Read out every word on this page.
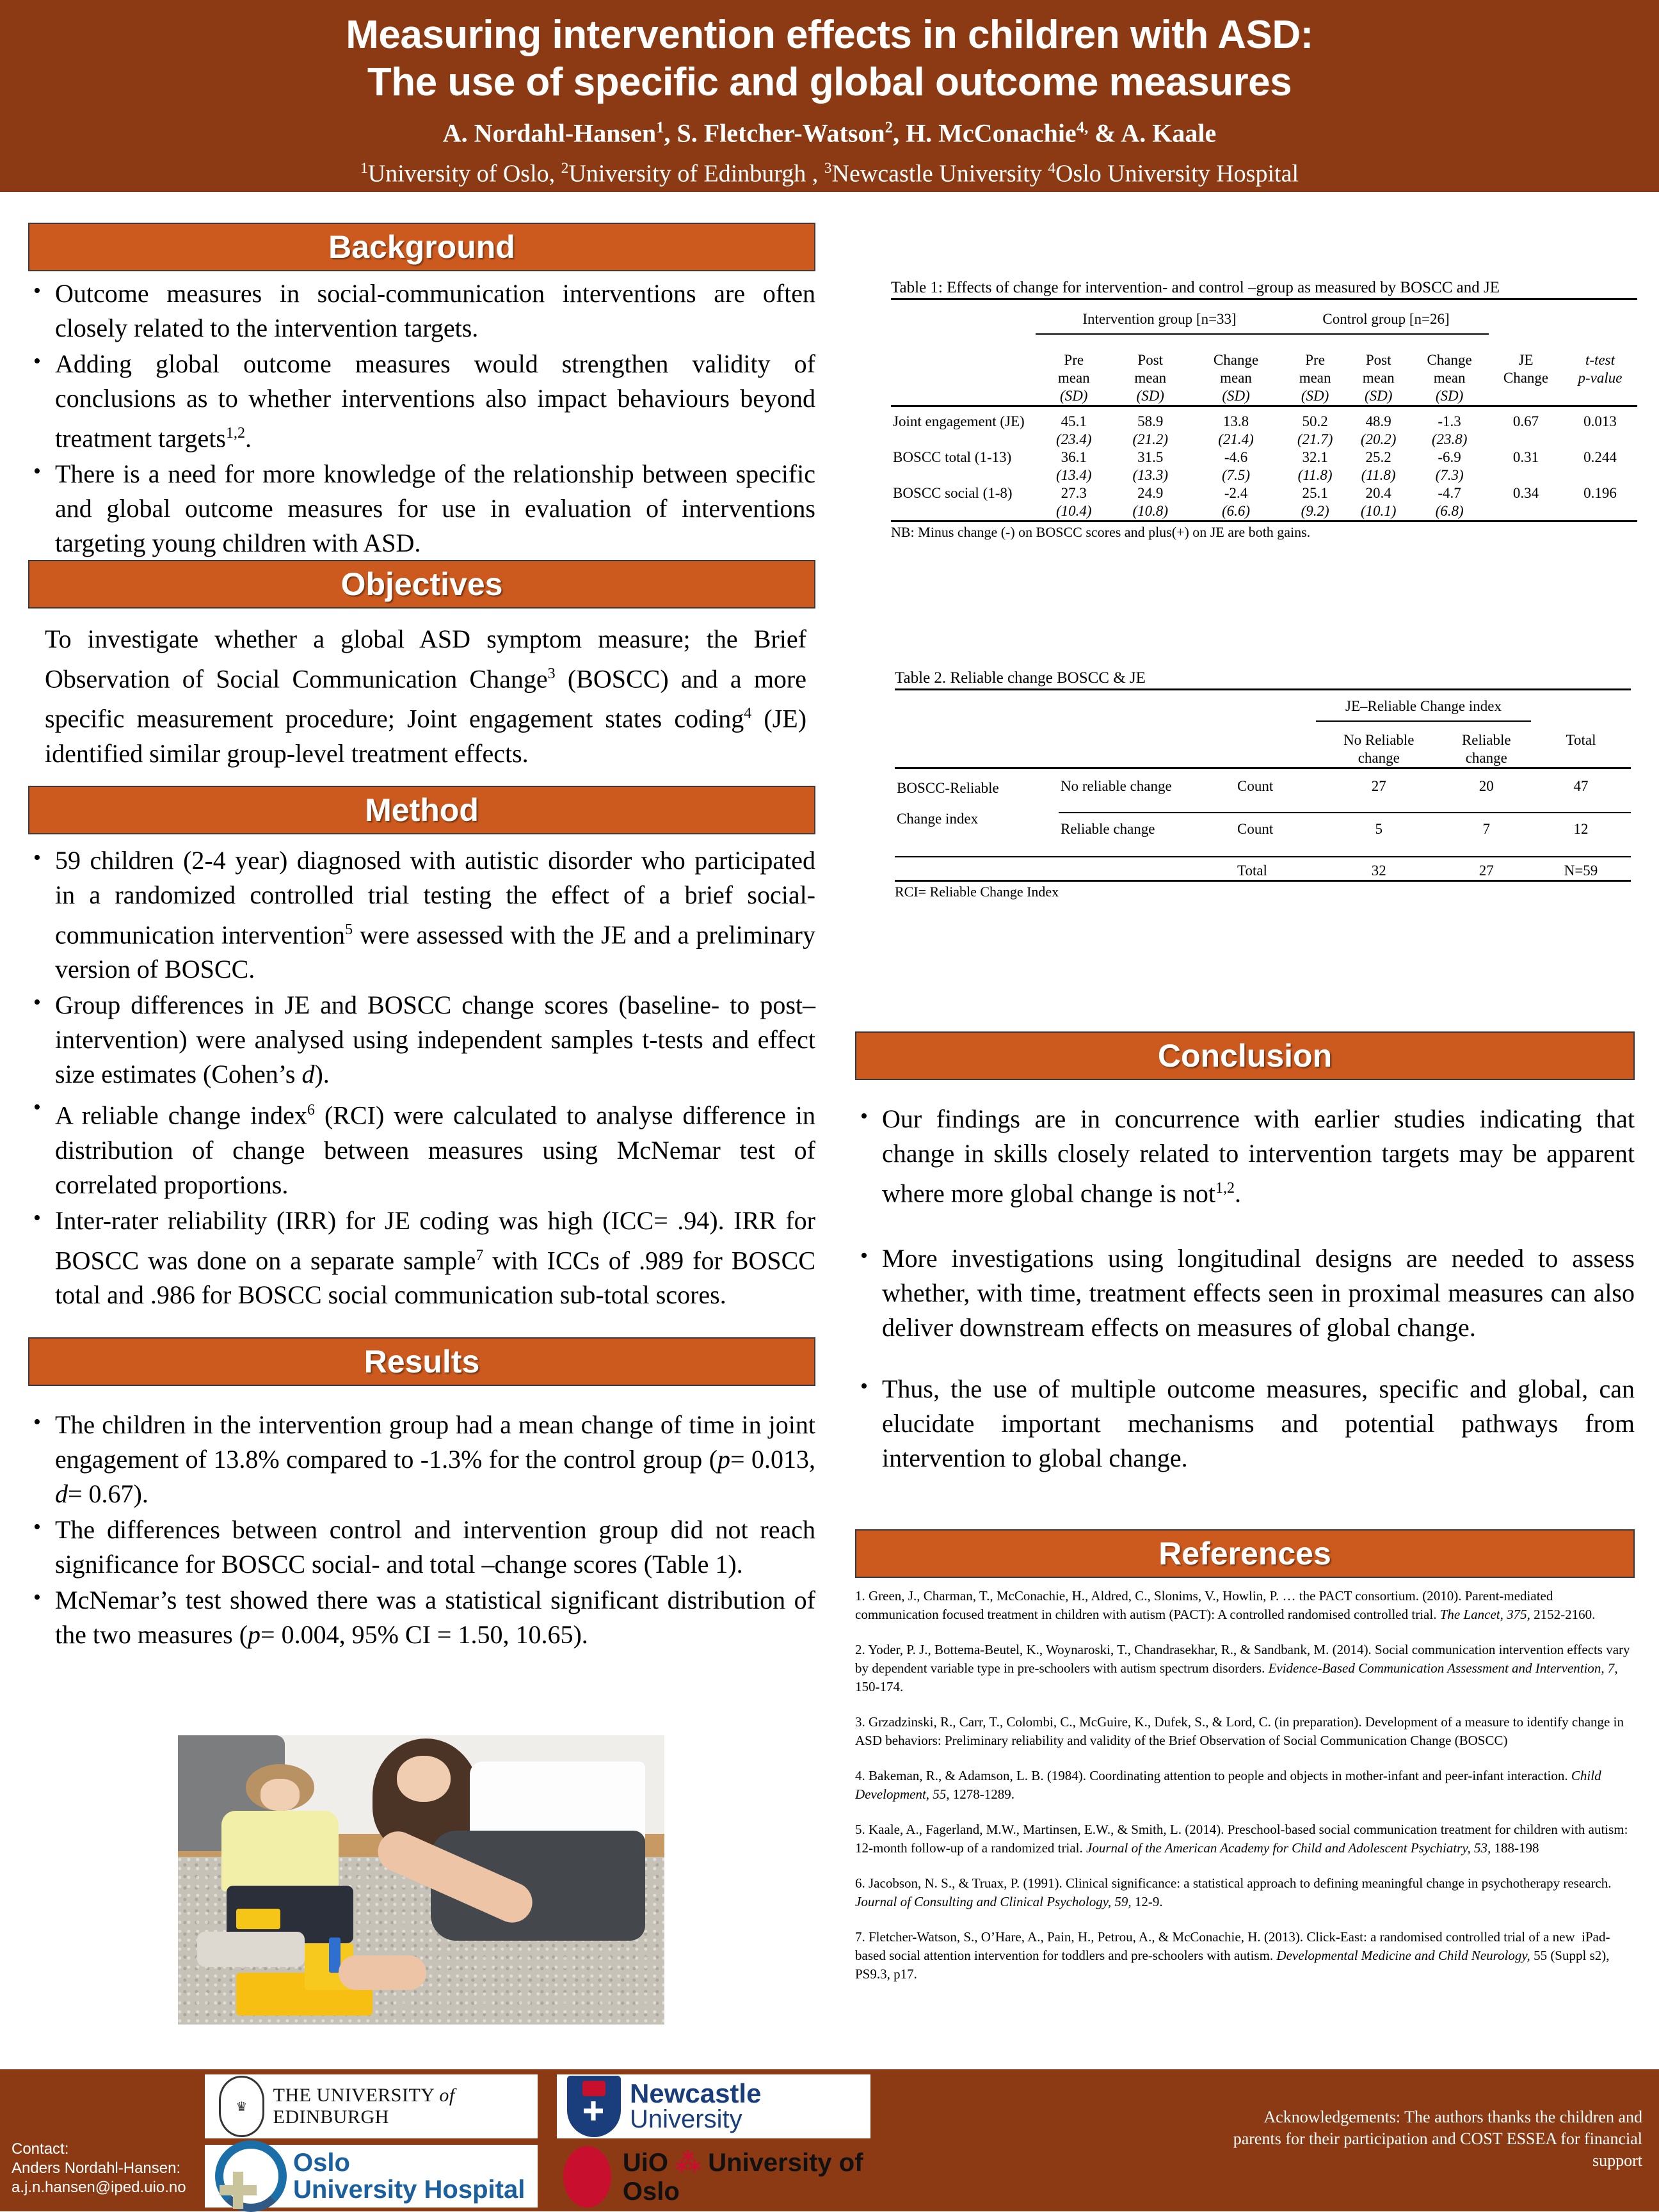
Measuring intervention effects in children with ASD:
The use of specific and global outcome measures
A. Nordahl-Hansen$^1$, S. Fletcher-Watson$^2$, H. McConachie$^{4,}$ & A. Kaale
$^1$University of Oslo, $^2$University of Edinburgh , $^3$Newcastle University $^4$Oslo University Hospital
Background
• Outcome measures in social-communication interventions are often closely related to the intervention targets.
• Adding global outcome measures would strengthen validity of conclusions as to whether interventions also impact behaviours beyond treatment targets$^{1,2}$.
• There is a need for more knowledge of the relationship between specific and global outcome measures for use in evaluation of interventions targeting young children with ASD.
Objectives

To investigate whether a global ASD symptom measure; the Brief Observation of Social Communication Change$^3$ (BOSCC) and a more specific measurement procedure; Joint engagement states coding$^4$ (JE) identified similar group-level treatment effects.

Method
• 59 children (2-4 year) diagnosed with autistic disorder who participated in a randomized controlled trial testing the effect of a brief social-communication intervention$^5$ were assessed with the JE and a preliminary version of BOSCC.
• Group differences in JE and BOSCC change scores (baseline- to post–intervention) were analysed using independent samples t-tests and effect size estimates (Cohen’s d).
• A reliable change index$^6$ (RCI) were calculated to analyse difference in distribution of change between measures using McNemar test of correlated proportions.
• Inter-rater reliability (IRR) for JE coding was high (ICC= .94). IRR for BOSCC was done on a separate sample$^7$ with ICCs of .989 for BOSCC total and .986 for BOSCC social communication sub-total scores.
Results
• The children in the intervention group had a mean change of time in joint engagement of 13.8% compared to -1.3% for the control group (p= 0.013, d= 0.67).
• The differences between control and intervention group did not reach significance for BOSCC social- and total –change scores (Table 1).
• McNemar’s test showed there was a statistical significant distribution of the two measures (p= 0.004, 95% CI = 1.50, 10.65).
Table 1: Effects of change for intervention- and control –group as measured by BOSCC and JE
	Intervention group [n=33]			Control group [n=26]				

	Pre	Post	Change	Pre	Post	Change	JE	t-test
	mean	mean	mean	mean	mean	mean	Change	p-value
	(SD)	(SD)	(SD)	(SD)	(SD)	(SD)		
Joint engagement (JE)	45.1	58.9	13.8	50.2	48.9	-1.3	0.67	0.013
	(23.4)	(21.2)	(21.4)	(21.7)	(20.2)	(23.8)		
BOSCC total (1-13)	36.1	31.5	-4.6	32.1	25.2	-6.9	0.31	0.244
	(13.4)	(13.3)	(7.5)	(11.8)	(11.8)	(7.3)		
BOSCC social (1-8)	27.3	24.9	-2.4	25.1	20.4	-4.7	0.34	0.196
	(10.4)	(10.8)	(6.6)	(9.2)	(10.1)	(6.8)		
NB: Minus change (-) on BOSCC scores and plus(+) on JE are both gains.
Table 2. Reliable change BOSCC & JE
			JE–Reliable Change index		

			No Reliable	Reliable	Total
			change	change	

BOSCC-Reliable
Change index	No reliable change	Count	27	20	47

	Reliable change	Count	5	7	12

		Total	32	27	N=59
RCI= Reliable Change Index
Conclusion
• Our findings are in concurrence with earlier studies indicating that change in skills closely related to intervention targets may be apparent where more global change is not$^{1,2}$.
• More investigations using longitudinal designs are needed to assess whether, with time, treatment effects seen in proximal measures can also deliver downstream effects on measures of global change.
• Thus, the use of multiple outcome measures, specific and global, can elucidate important mechanisms and potential pathways from intervention to global change.
References

1. Green, J., Charman, T., McConachie, H., Aldred, C., Slonims, V., Howlin, P. … the PACT consortium. (2010). Parent-mediated communication focused treatment in children with autism (PACT): A controlled randomised controlled trial. The Lancet, 375, 2152-2160.

2. Yoder, P. J., Bottema-Beutel, K., Woynaroski, T., Chandrasekhar, R., & Sandbank, M. (2014). Social communication intervention effects vary by dependent variable type in pre-schoolers with autism spectrum disorders. Evidence-Based Communication Assessment and Intervention, 7, 150-174.

3. Grzadzinski, R., Carr, T., Colombi, C., McGuire, K., Dufek, S., & Lord, C. (in preparation). Development of a measure to identify change in ASD behaviors: Preliminary reliability and validity of the Brief Observation of Social Communication Change (BOSCC)

4. Bakeman, R., & Adamson, L. B. (1984). Coordinating attention to people and objects in mother-infant and peer-infant interaction. Child Development, 55, 1278-1289.

5. Kaale, A., Fagerland, M.W., Martinsen, E.W., & Smith, L. (2014). Preschool-based social communication treatment for children with autism: 12-month follow-up of a randomized trial. Journal of the American Academy for Child and Adolescent Psychiatry, 53, 188-198

6. Jacobson, N. S., & Truax, P. (1991). Clinical significance: a statistical approach to defining meaningful change in psychotherapy research. Journal of Consulting and Clinical Psychology, 59, 12-9.

7. Fletcher-Watson, S., O’Hare, A., Pain, H., Petrou, A., & McConachie, H. (2013). Click-East: a randomised controlled trial of a new  iPad-based social attention intervention for toddlers and pre-schoolers with autism. Developmental Medicine and Child Neurology, 55 (Suppl s2), PS9.3, p17.

Contact:
Anders Nordahl-Hansen:
a.j.n.hansen@iped.uio.no
♛
THE UNIVERSITY of EDINBURGH
Newcastle
University
Oslo
University Hospital
UiO ⁂ University of Oslo
Acknowledgements: The authors thanks the children and parents for their participation and COST ESSEA for financial support
